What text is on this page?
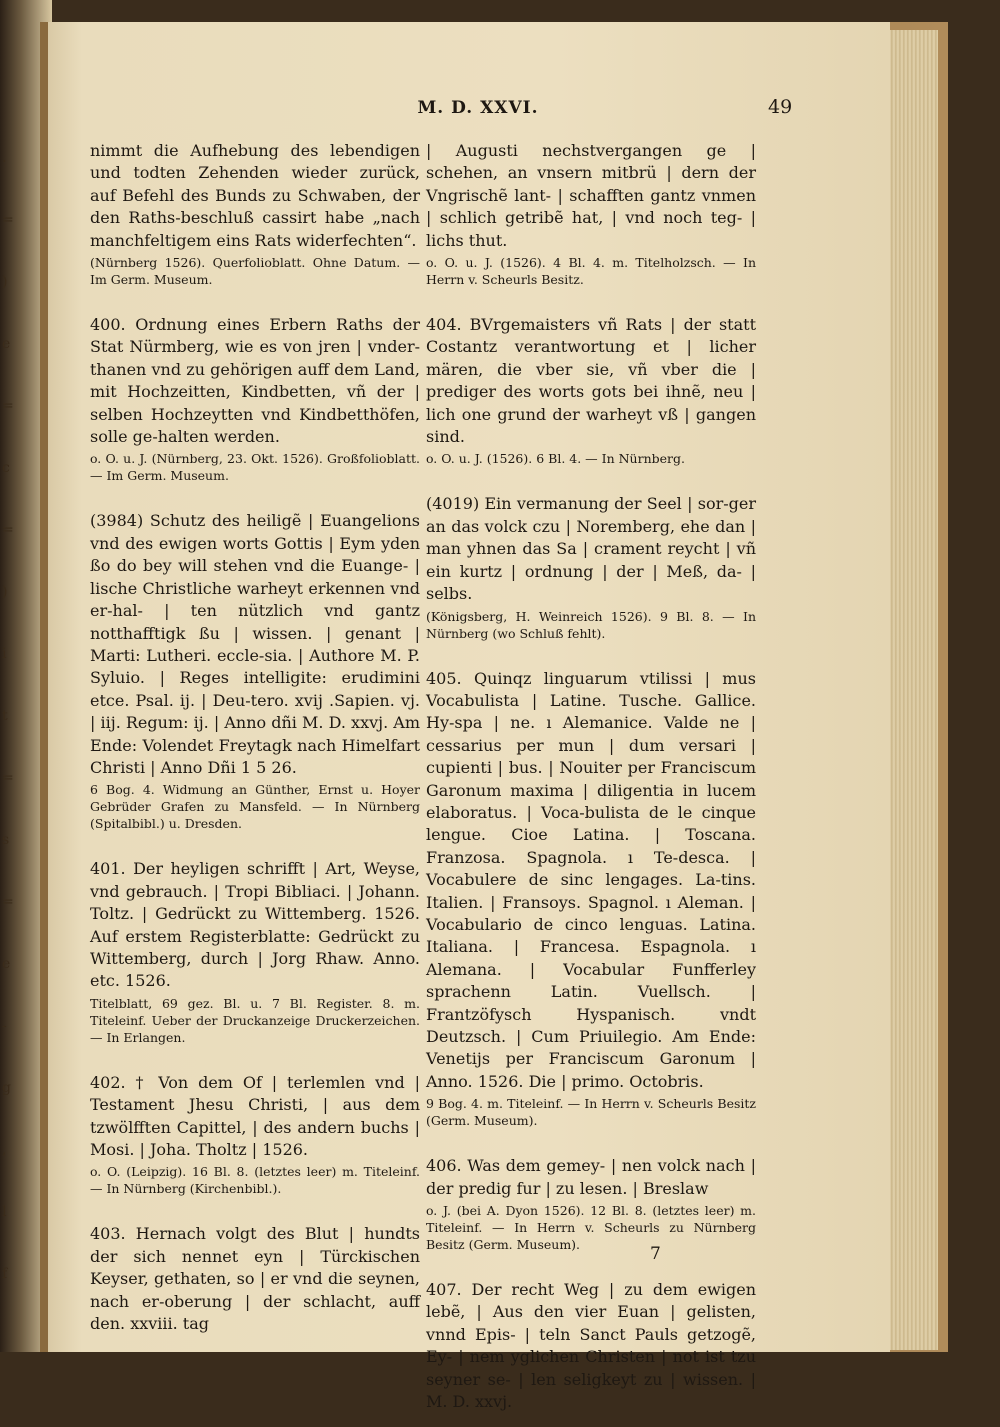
.
=
)
e
=
c
=
)
i
t
=
s
=
e
-
g
,
l
f
M. D. XXVI.	49

nimmt die Aufhebung des lebendigen und todten Zehenden wieder zurück, auf Befehl des Bunds zu Schwaben, der den Raths-beschluß cassirt habe „nach manchfeltigem eins Rats widerfechten“.

(Nürnberg 1526). Querfolioblatt. Ohne Datum. — Im Germ. Museum.

400. Ordnung eines Erbern Raths der Stat Nürmberg, wie es von jren | vnder-thanen vnd zu gehörigen auff dem Land, mit Hochzeitten, Kindbetten, vñ der | selben Hochzeytten vnd Kindbetthöfen, solle ge-halten werden.

o. O. u. J. (Nürnberg, 23. Okt. 1526). Großfolioblatt. — Im Germ. Museum.

(3984) Schutz des heiligẽ | Euangelions vnd des ewigen worts Gottis | Eym yden ßo do bey will stehen vnd die Euange- | lische Christliche warheyt erkennen vnd er-hal- | ten nützlich vnd gantz notthafftigk ßu | wissen. | genant | Marti: Lutheri. eccle-sia. | Authore M. P. Syluio. | Reges intelligite: erudimini etce. Psal. ij. | Deu-tero. xvij .Sapien. vj. | iij. Regum: ij. | Anno dñi M. D. xxvj. Am Ende: Volendet Freytagk nach Himelfart Christi | Anno Dñi 1 5 26.

6 Bog. 4. Widmung an Günther, Ernst u. Hoyer Gebrüder Grafen zu Mansfeld. — In Nürnberg (Spitalbibl.) u. Dresden.

401. Der heyligen schrifft | Art, Weyse, vnd gebrauch. | Tropi Bibliaci. | Johann. Toltz. | Gedrückt zu Wittemberg. 1526. Auf erstem Registerblatte: Gedrückt zu Wittemberg, durch | Jorg Rhaw. Anno. etc. 1526.

Titelblatt, 69 gez. Bl. u. 7 Bl. Register. 8. m. Titeleinf. Ueber der Druckanzeige Druckerzeichen. — In Erlangen.

402. † Von dem Of | terlemlen vnd | Testament Jhesu Christi, | aus dem tzwölfften Capittel, | des andern buchs | Mosi. | Joha. Tholtz | 1526.

o. O. (Leipzig). 16 Bl. 8. (letztes leer) m. Titeleinf. — In Nürnberg (Kirchenbibl.).

403. Hernach volgt des Blut | hundts der sich nennet eyn | Türckischen Keyser, gethaten, so | er vnd die seynen, nach er-oberung | der schlacht, auff den. xxviii. tag

| Augusti nechstvergangen ge | schehen, an vnsern mitbrü | dern der Vngrischẽ lant- | schafften gantz vnmen | schlich getribẽ hat, | vnd noch teg- | lichs thut.

o. O. u. J. (1526). 4 Bl. 4. m. Titelholzsch. — In Herrn v. Scheurls Besitz.

404. BVrgemaisters vñ Rats | der statt Costantz verantwortung et | licher mären, die vber sie, vñ vber die | prediger des worts gots bei ihnẽ, neu | lich one grund der warheyt vß | gangen sind.

o. O. u. J. (1526). 6 Bl. 4. — In Nürnberg.

(4019) Ein vermanung der Seel | sor-ger an das volck czu | Noremberg, ehe dan | man yhnen das Sa | crament reycht | vñ ein kurtz | ordnung | der | Meß, da- | selbs.

(Königsberg, H. Weinreich 1526). 9 Bl. 8. — In Nürnberg (wo Schluß fehlt).

405. Quinqz linguarum vtilissi | mus Vocabulista | Latine. Tusche. Gallice. Hy-spa | ne. ı Alemanice. Valde ne | cessarius per mun | dum versari | cupienti | bus. | Nouiter per Franciscum Garonum maxima | diligentia in lucem elaboratus. | Voca-bulista de le cinque lengue. Cioe Latina. | Toscana. Franzosa. Spagnola. ı Te-desca. | Vocabulere de sinc lengages. La-tins. Italien. | Fransoys. Spagnol. ı Aleman. | Vocabulario de cinco lenguas. Latina. Italiana. | Francesa. Espagnola. ı Alemana. | Vocabular Funfferley sprachenn Latin. Vuellsch. | Frantzöfysch Hyspanisch. vndt Deutzsch. | Cum Priuilegio. Am Ende: Venetijs per Franciscum Garonum | Anno. 1526. Die | primo. Octobris.

9 Bog. 4. m. Titeleinf. — In Herrn v. Scheurls Besitz (Germ. Museum).

406. Was dem gemey- | nen volck nach | der predig fur | zu lesen. | Breslaw

o. J. (bei A. Dyon 1526). 12 Bl. 8. (letztes leer) m. Titeleinf. — In Herrn v. Scheurls zu Nürnberg Besitz (Germ. Museum).

407. Der recht Weg | zu dem ewigen lebẽ, | Aus den vier Euan | gelisten, vnnd Epis- | teln Sanct Pauls getzogẽ, Ey- | nem yglichen Christen | not ist tzu seyner se- | len seligkeyt zu | wissen. | M. D. xxvj.

7
